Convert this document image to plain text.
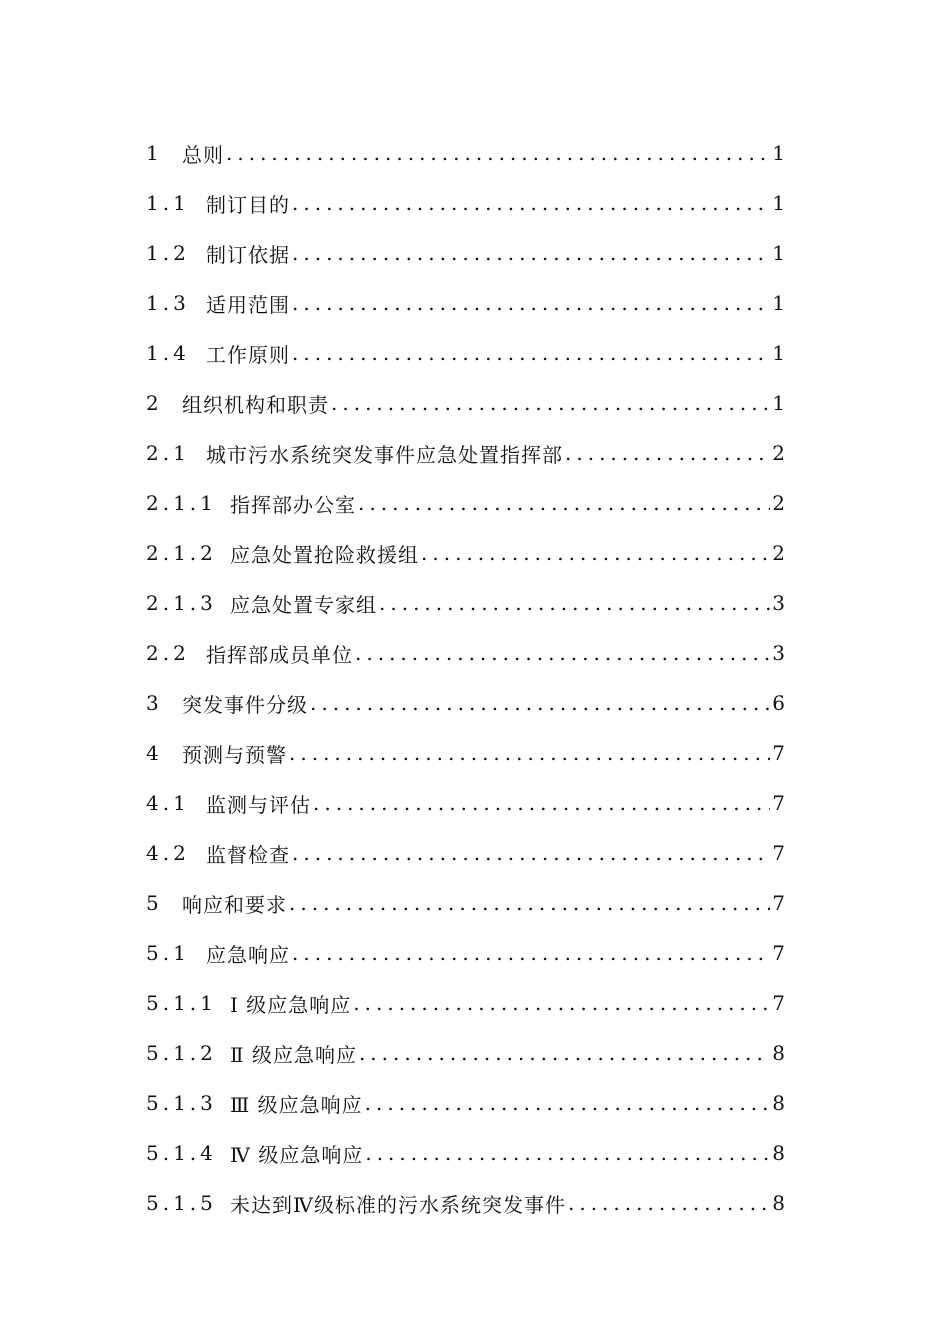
1 总则 .....	1
1.1 制订目的 .....	1
1.2 制订依据 .....	1
1.3 适用范围 .....	1
1.4 工作原则 .....	1
2 组织机构和职责 .....	1
2.1 城市污水系统突发事件应急处置指挥部 .....	2
2.1.1 指挥部办公室 .....	2
2.1.2 应急处置抢险救援组 .....	2
2.1.3 应急处置专家组 .....	3
2.2 指挥部成员单位 .....	3
3 突发事件分级 .....	6
4 预测与预警 .....	7
4.1 监测与评估 .....	7
4.2 监督检查 .....	7
5 响应和要求 .....	7
5.1 应急响应 .....	7
5.1.1 Ⅰ 级应急响应 .....	7
5.1.2 Ⅱ 级应急响应 .....	8
5.1.3 Ⅲ 级应急响应 .....	8
5.1.4 Ⅳ 级应急响应 .....	8
5.1.5 未达到Ⅳ级标准的污水系统突发事件 .....	8
